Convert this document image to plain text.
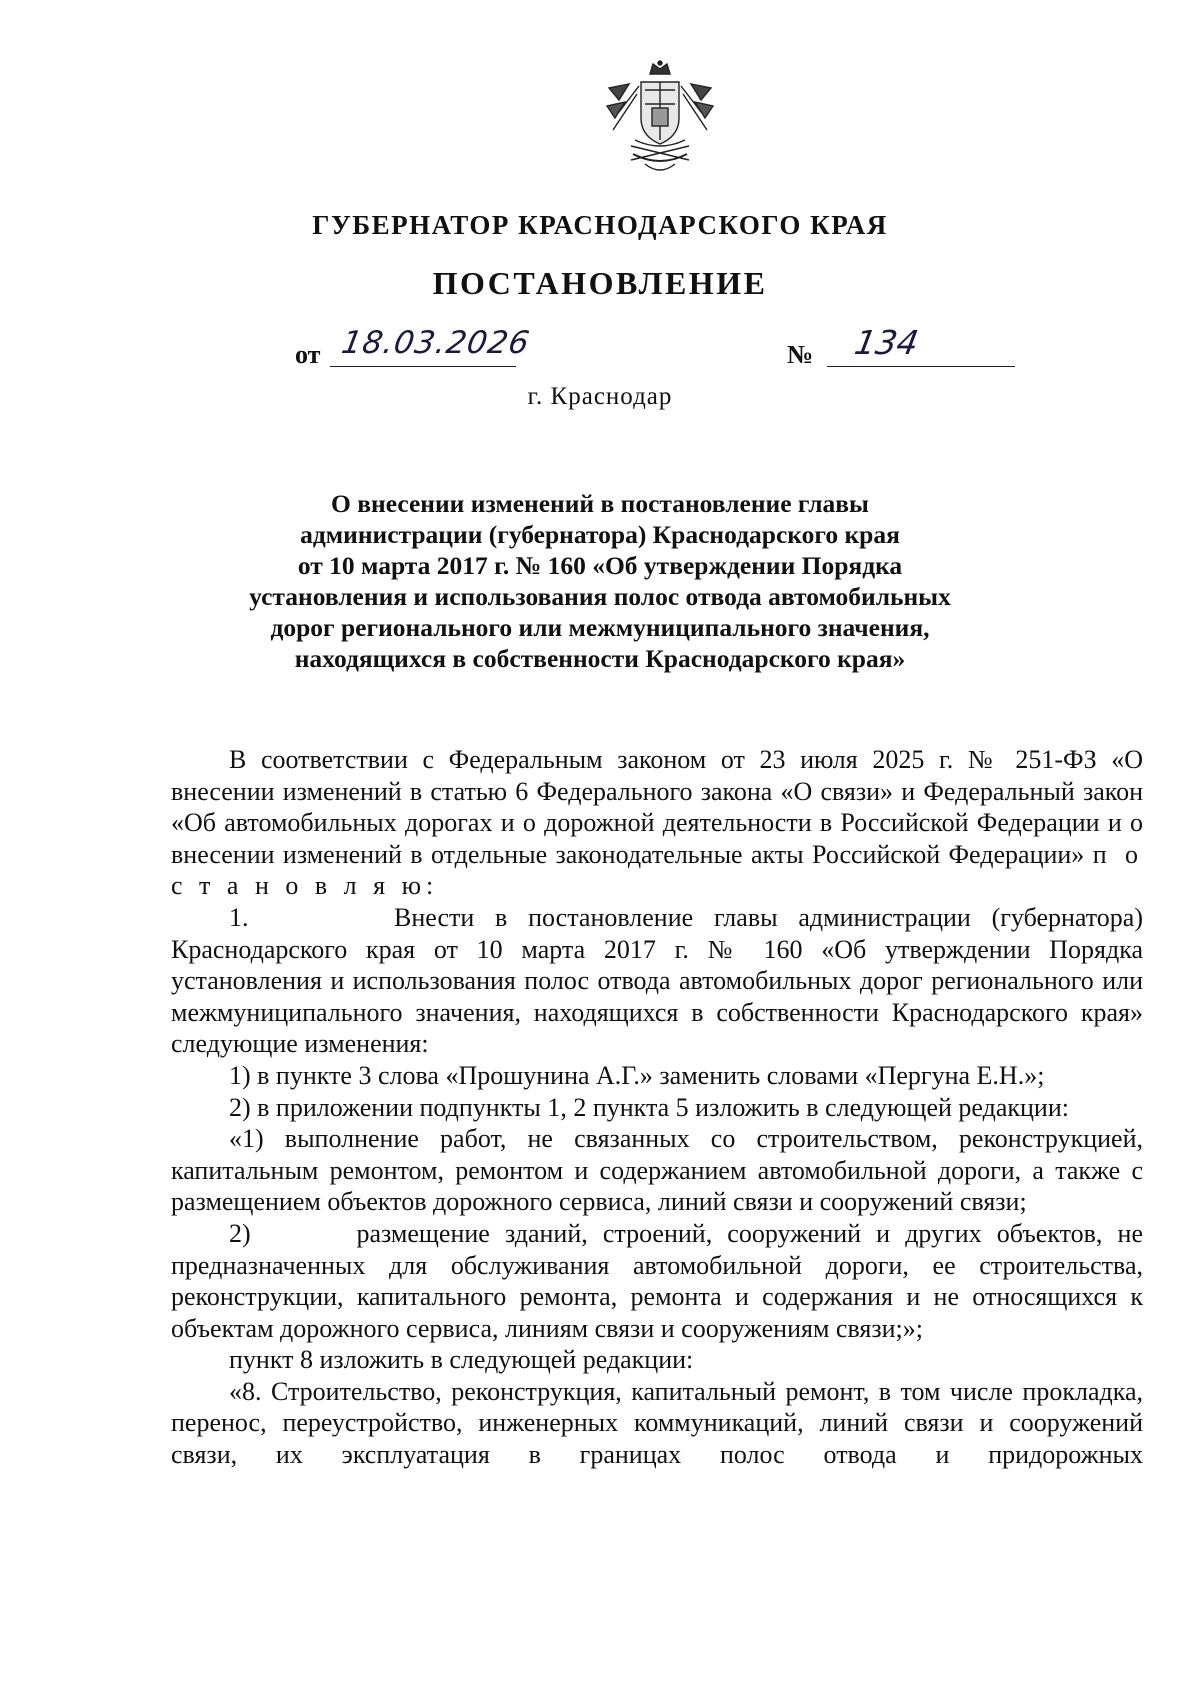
ГУБЕРНАТОР КРАСНОДАРСКОГО КРАЯ
ПОСТАНОВЛЕНИЕ
от 18.03.2026	№ 134
г. Краснодар
О внесении изменений в постановление главы
администрации (губернатора) Краснодарского края
от 10 марта 2017 г. № 160 «Об утверждении Порядка
установления и использования полос отвода автомобильных
дорог регионального или межмуниципального значения,
находящихся в собственности Краснодарского края»

В соответствии с Федеральным законом от 23 июля 2025 г. № 251-ФЗ «О внесении изменений в статью 6 Федерального закона «О связи» и Федеральный закон «Об автомобильных дорогах и о дорожной деятельности в Российской Федерации и о внесении изменений в отдельные законодательные акты Российской Федерации» п о с т а н о в л я ю:

1.	Внести в постановление главы администрации (губернатора) Краснодарского края от 10 марта 2017 г. № 160 «Об утверждении Порядка установления и использования полос отвода автомобильных дорог регионального или межмуниципального значения, находящихся в собственности Краснодарского края» следующие изменения:

1) в пункте 3 слова «Прошунина А.Г.» заменить словами «Пергуна Е.Н.»;

2) в приложении подпункты 1, 2 пункта 5 изложить в следующей редакции:

«1) выполнение работ, не связанных со строительством, реконструкцией, капитальным ремонтом, ремонтом и содержанием автомобильной дороги, а также с размещением объектов дорожного сервиса, линий связи и сооружений связи;

2)	размещение зданий, строений, сооружений и других объектов, не предназначенных для обслуживания автомобильной дороги, ее строительства, реконструкции, капитального ремонта, ремонта и содержания и не относящихся к объектам дорожного сервиса, линиям связи и сооружениям связи;»;

пункт 8 изложить в следующей редакции:

«8. Строительство, реконструкция, капитальный ремонт, в том числе прокладка, перенос, переустройство, инженерных коммуникаций, линий связи и сооружений связи, их эксплуатация в границах полос отвода и придорожных
